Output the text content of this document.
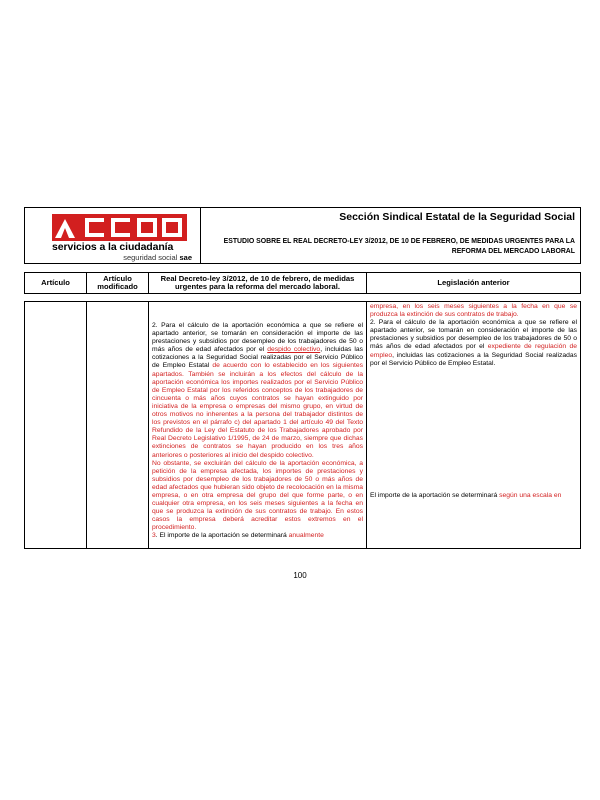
servicios a la ciudadanía
seguridad social sae
Sección Sindical Estatal de la Seguridad Social
ESTUDIO SOBRE EL REAL DECRETO-LEY 3/2012, DE 10 DE FEBRERO, DE MEDIDAS URGENTES PARA LA REFORMA DEL MERCADO LABORAL
Artículo	Artículo modificado
Real Decreto-ley 3/2012, de 10 de febrero, de medidas urgentes para la reforma del mercado laboral.	Legislación anterior
2. Para el cálculo de la aportación económica a que se refiere el apartado anterior, se tomarán en consideración el importe de las prestaciones y subsidios por desempleo de los trabajadores de 50 o más años de edad afectados por el despido colectivo, incluidas las cotizaciones a la Seguridad Social realizadas por el Servicio Público de Empleo Estatal de acuerdo con lo establecido en los siguientes apartados. También se incluirán a los efectos del cálculo de la aportación económica los importes realizados por el Servicio Público de Empleo Estatal por los referidos conceptos de los trabajadores de cincuenta o más años cuyos contratos se hayan extinguido por iniciativa de la empresa o empresas del mismo grupo, en virtud de otros motivos no inherentes a la persona del trabajador distintos de los previstos en el párrafo c) del apartado 1 del artículo 49 del Texto Refundido de la Ley del Estatuto de los Trabajadores aprobado por Real Decreto Legislativo 1/1995, de 24 de marzo, siempre que dichas extinciones de contratos se hayan producido en los tres años anteriores o posteriores al inicio del despido colectivo.
No obstante, se excluirán del cálculo de la aportación económica, a petición de la empresa afectada, los importes de prestaciones y subsidios por desempleo de los trabajadores de 50 o más años de edad afectados que hubieran sido objeto de recolocación en la misma empresa, o en otra empresa del grupo del que forme parte, o en cualquier otra empresa, en los seis meses siguientes a la fecha en que se produzca la extinción de sus contratos de trabajo. En estos casos la empresa deberá acreditar estos extremos en el procedimiento.
3. El importe de la aportación se determinará anualmente
empresa, en los seis meses siguientes a la fecha en que se produzca la extinción de sus contratos de trabajo.
2. Para el cálculo de la aportación económica a que se refiere el apartado anterior, se tomarán en consideración el importe de las prestaciones y subsidios por desempleo de los trabajadores de 50 o más años de edad afectados por el expediente de regulación de empleo, incluidas las cotizaciones a la Seguridad Social realizadas por el Servicio Público de Empleo Estatal.
El importe de la aportación se determinará según una escala en
100
